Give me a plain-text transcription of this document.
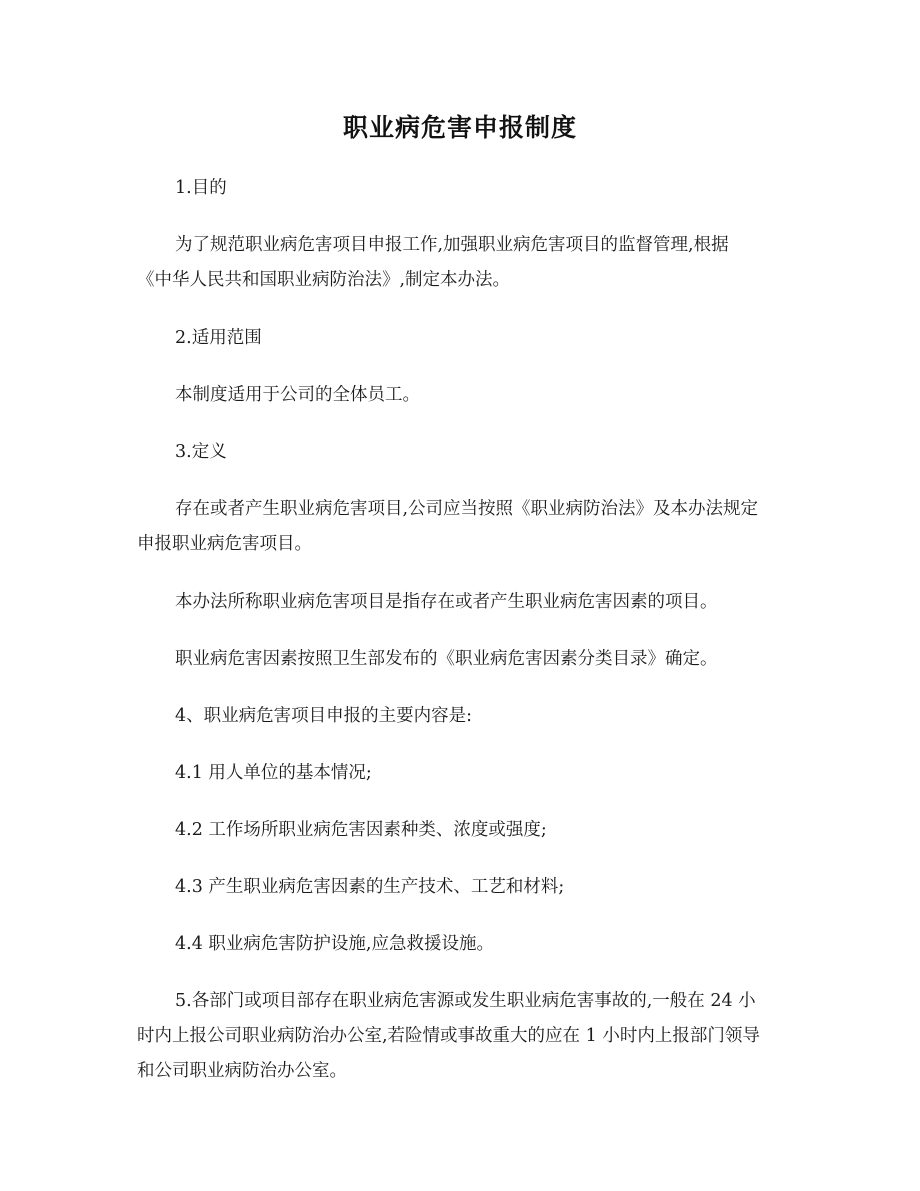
职业病危害申报制度
1.目的
为了规范职业病危害项目申报工作,加强职业病危害项目的监督管理,根据
《中华人民共和国职业病防治法》,制定本办法。
2.适用范围
本制度适用于公司的全体员工。
3.定义
存在或者产生职业病危害项目,公司应当按照《职业病防治法》及本办法规定
申报职业病危害项目。
本办法所称职业病危害项目是指存在或者产生职业病危害因素的项目。
职业病危害因素按照卫生部发布的《职业病危害因素分类目录》确定。
4、职业病危害项目申报的主要内容是:
4.1 用人单位的基本情况;
4.2 工作场所职业病危害因素种类、浓度或强度;
4.3 产生职业病危害因素的生产技术、工艺和材料;
4.4 职业病危害防护设施,应急救援设施。
5.各部门或项目部存在职业病危害源或发生职业病危害事故的,一般在 24 小
时内上报公司职业病防治办公室,若险情或事故重大的应在 1 小时内上报部门领导
和公司职业病防治办公室。
